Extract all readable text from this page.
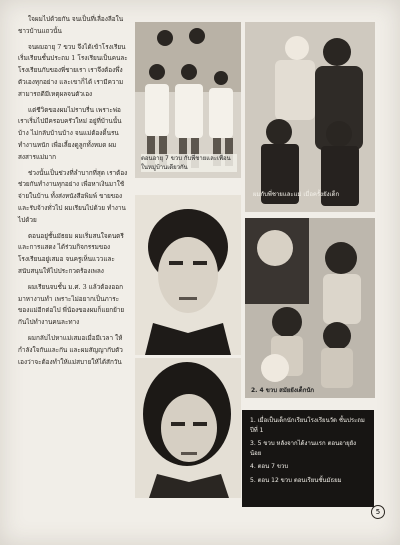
ใจผมไปด้วยกัน จนเป็นที่เลื่องลือในชาวบ้านแถวนั้น

จนผมอายุ 7 ขวบ จึงได้เข้าโรงเรียน เริ่มเรียนชั้นประถม 1 โรงเรียนเป็นคนละโรงเรียนกับของพี่ชายเรา เราจึงต้องพึ่งตัวเองทุกอย่าง และเขาก็ได้ เรามีความสามารถดีมีเหตุผลจนตัวเอง

แต่ชีวิตของผมไม่ราบรื่น เพราะพ่อเราเริ่มไปมีครอบครัวใหม่ อยู่ที่บ้านนั้นบ้าง ไม่กลับบ้านบ้าง จนแม่ต้องดิ้นรนทำงานหนัก เพื่อเลี้ยงดูลูกทั้งหมด ผมสงสารแม่มาก

ช่วงนั้นเป็นช่วงที่ลำบากที่สุด เราต้องช่วยกันทำงานทุกอย่าง เพื่อหาเงินมาใช้จ่ายในบ้าน ทั้งส่งหนังสือพิมพ์ ขายของ และรับจ้างทั่วไป ผมเรียนไปด้วย ทำงานไปด้วย

ตอนอยู่ชั้นมัธยม ผมเริ่มสนใจดนตรีและการแสดง ได้ร่วมกิจกรรมของโรงเรียนอยู่เสมอ จนครูเห็นแววและสนับสนุนให้ไปประกวดร้องเพลง

ผมเรียนจบชั้น ม.ศ. 3 แล้วต้องออกมาหางานทำ เพราะไม่อยากเป็นภาระของแม่อีกต่อไป พี่น้องของผมก็แยกย้ายกันไปทำงานคนละทาง

ผมกลับไปหาแม่เสมอเมื่อมีเวลา ให้กำลังใจกันและกัน และผมสัญญากับตัวเองว่าจะต้องทำให้แม่สบายให้ได้สักวัน

ตอนอายุ 7 ขวบ กับพี่ชายและเพื่อนในหมู่บ้านเดียวกัน
ผมกับพี่ชายและแม่ เมื่อครั้งยังเด็ก
2. 4 ขวบ สมัยยังเด็กนัก
1. เมื่อเป็นเด็กนักเรียนโรงเรียนวัด ชั้นประถมปีที่ 1
3. 5 ขวบ หลังจากได้งานแรก ตอนอายุยังน้อย
4. ตอน 7 ขวบ
5. ตอน 12 ขวบ ตอนเรียนชั้นมัธยม
5
